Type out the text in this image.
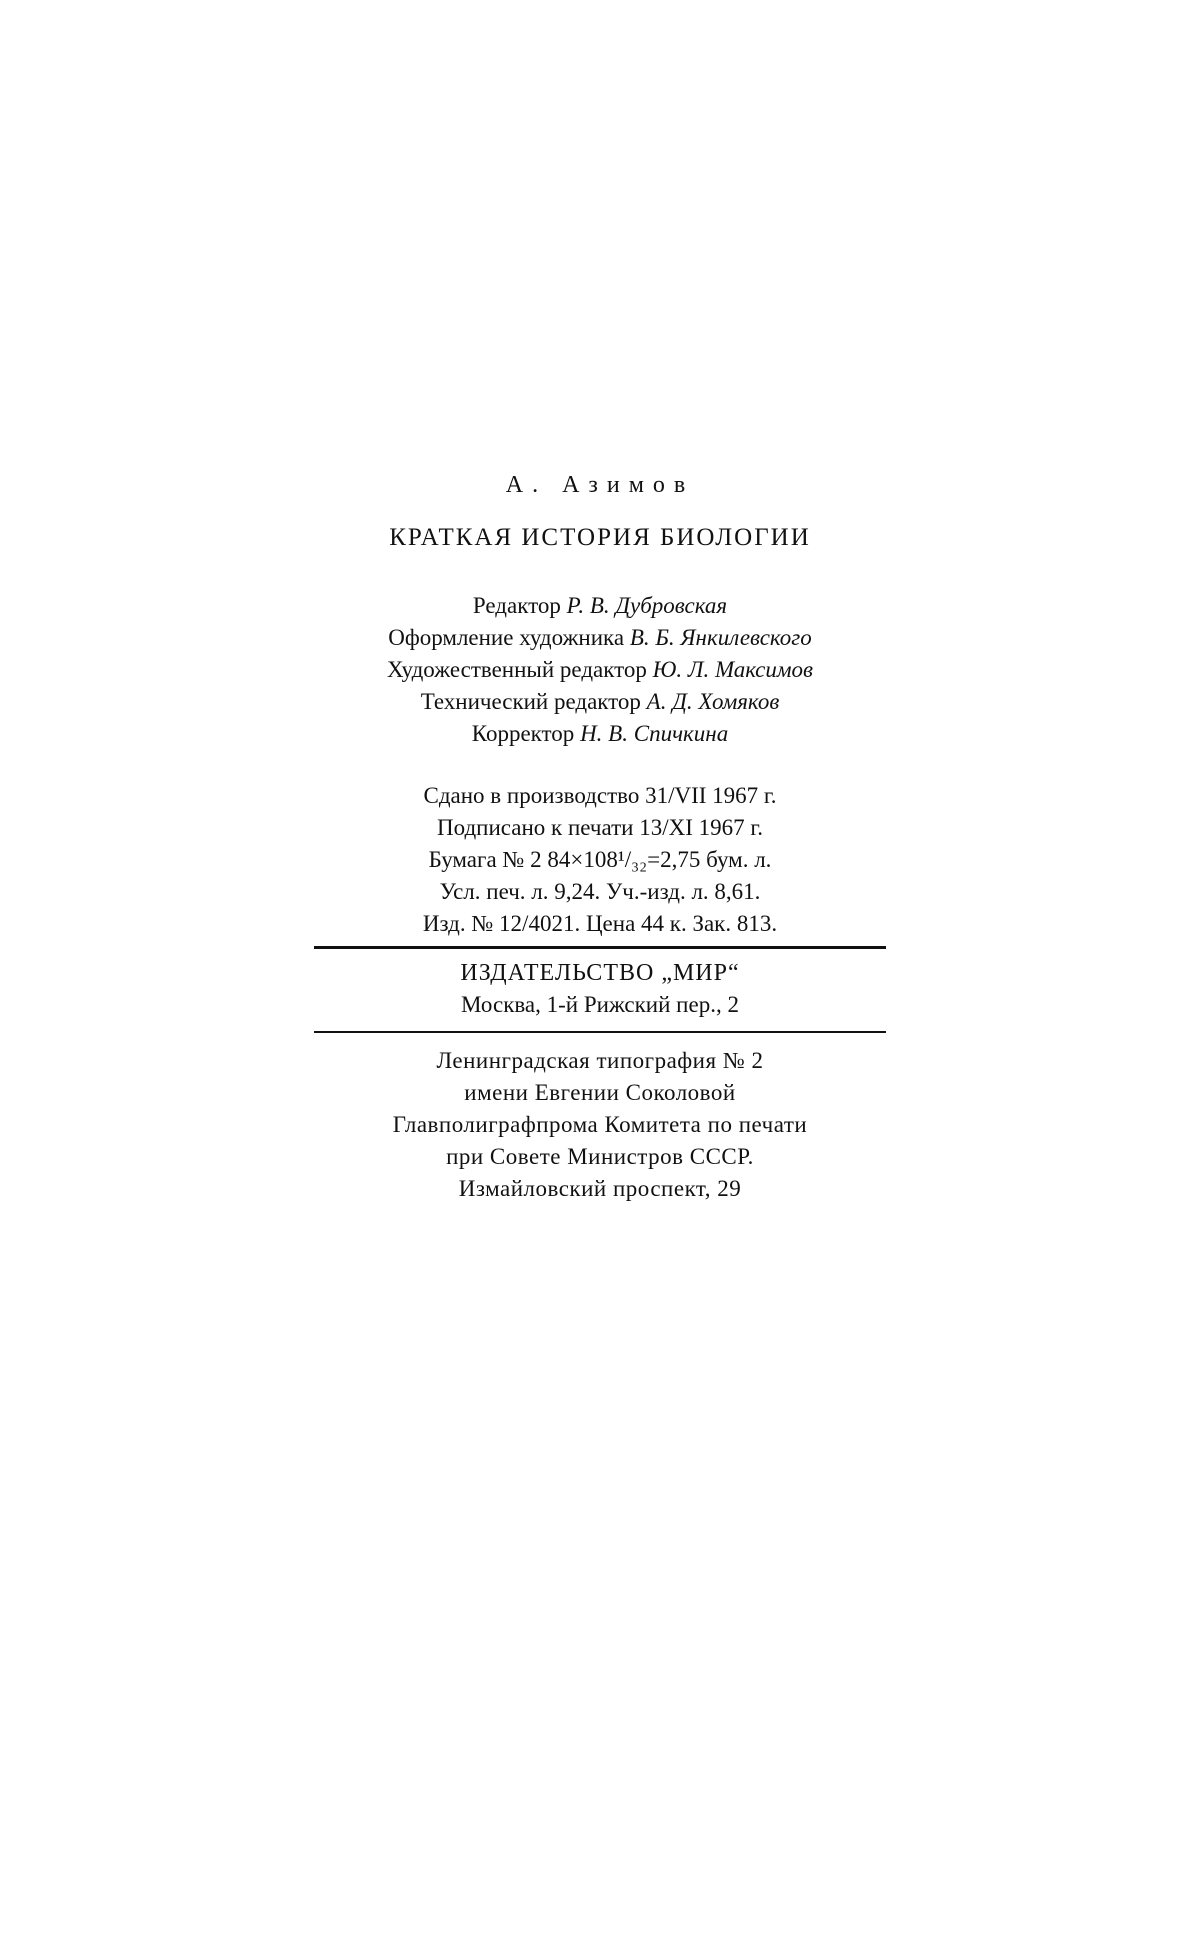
А. Азимов
КРАТКАЯ ИСТОРИЯ БИОЛОГИИ
Редактор Р. В. Дубровская
Оформление художника В. Б. Янкилевского
Художественный редактор Ю. Л. Максимов
Технический редактор А. Д. Хомяков
Корректор Н. В. Спичкина
Сдано в производство 31/VII 1967 г.
Подписано к печати 13/XI 1967 г.
Бумага № 2 84×108¹/₃₂=2,75 бум. л.
Усл. печ. л. 9,24. Уч.-изд. л. 8,61.
Изд. № 12/4021. Цена 44 к. Зак. 813.
ИЗДАТЕЛЬСТВО „МИР“
Москва, 1-й Рижский пер., 2
Ленинградская типография № 2
имени Евгении Соколовой
Главполиграфпрома Комитета по печати
при Совете Министров СССР.
Измайловский проспект, 29
